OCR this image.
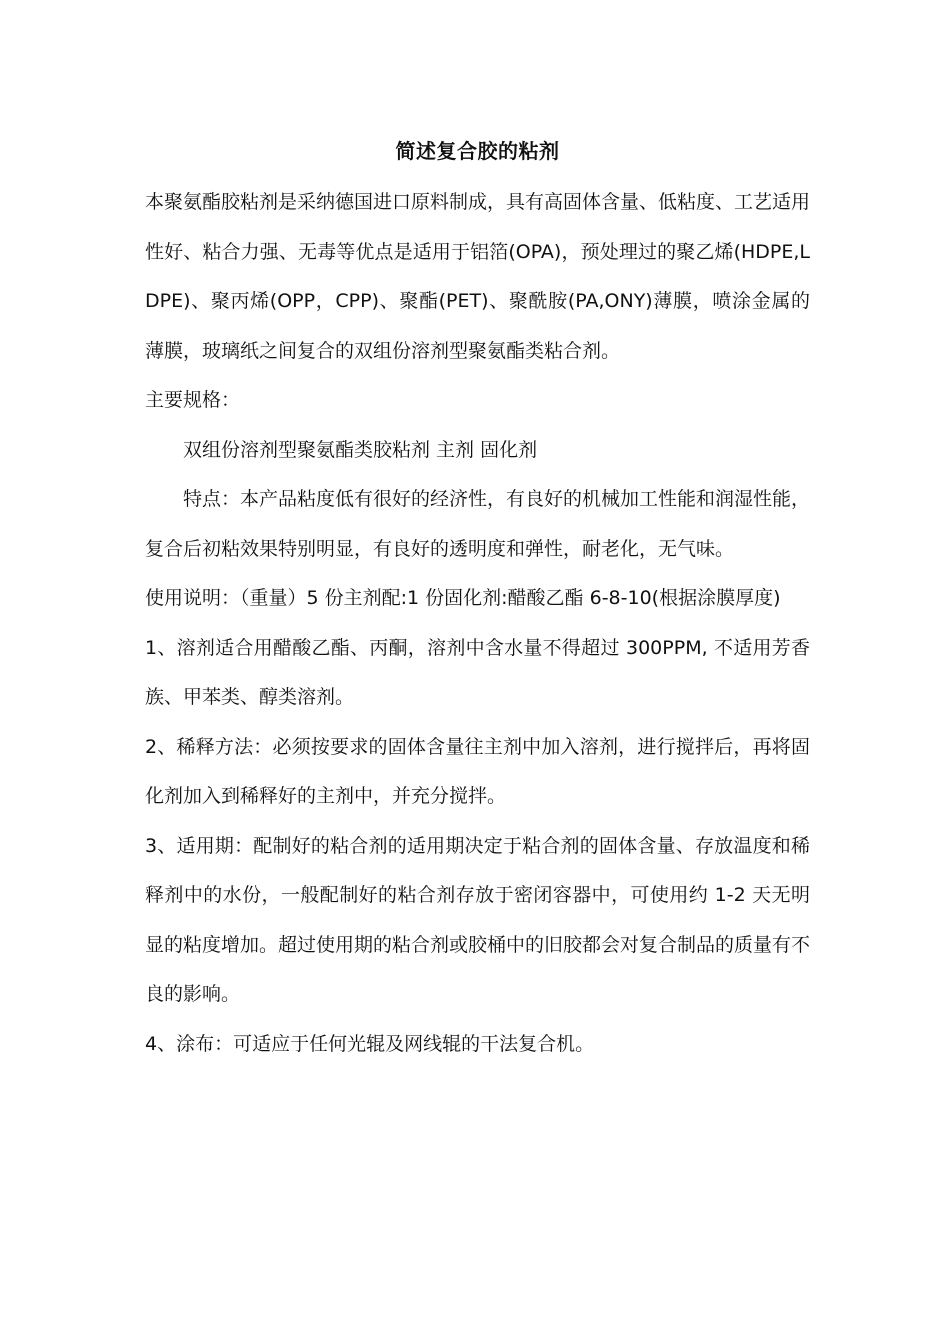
简述复合胶的粘剂

本聚氨酯胶粘剂是采纳德国进口原料制成，具有高固体含量、低粘度、工艺适用性好、粘合力强、无毒等优点是适用于铝箔(OPA)，预处理过的聚乙烯(HDPE,LDPE)、聚丙烯(OPP，CPP)、聚酯(PET)、聚酰胺(PA,ONY)薄膜，喷涂金属的薄膜，玻璃纸之间复合的双组份溶剂型聚氨酯类粘合剂。

主要规格：

双组份溶剂型聚氨酯类胶粘剂 主剂 固化剂

特点：本产品粘度低有很好的经济性，有良好的机械加工性能和润湿性能，复合后初粘效果特别明显，有良好的透明度和弹性，耐老化，无气味。

使用说明：（重量）5 份主剂配:1 份固化剂:醋酸乙酯 6-8-10(根据涂膜厚度)

1、溶剂适合用醋酸乙酯、丙酮，溶剂中含水量不得超过 300PPM, 不适用芳香族、甲苯类、醇类溶剂。

2、稀释方法：必须按要求的固体含量往主剂中加入溶剂，进行搅拌后，再将固化剂加入到稀释好的主剂中，并充分搅拌。

3、适用期：配制好的粘合剂的适用期决定于粘合剂的固体含量、存放温度和稀释剂中的水份，一般配制好的粘合剂存放于密闭容器中，可使用约 1-2 天无明显的粘度增加。超过使用期的粘合剂或胶桶中的旧胶都会对复合制品的质量有不良的影响。

4、涂布：可适应于任何光辊及网线辊的干法复合机。
